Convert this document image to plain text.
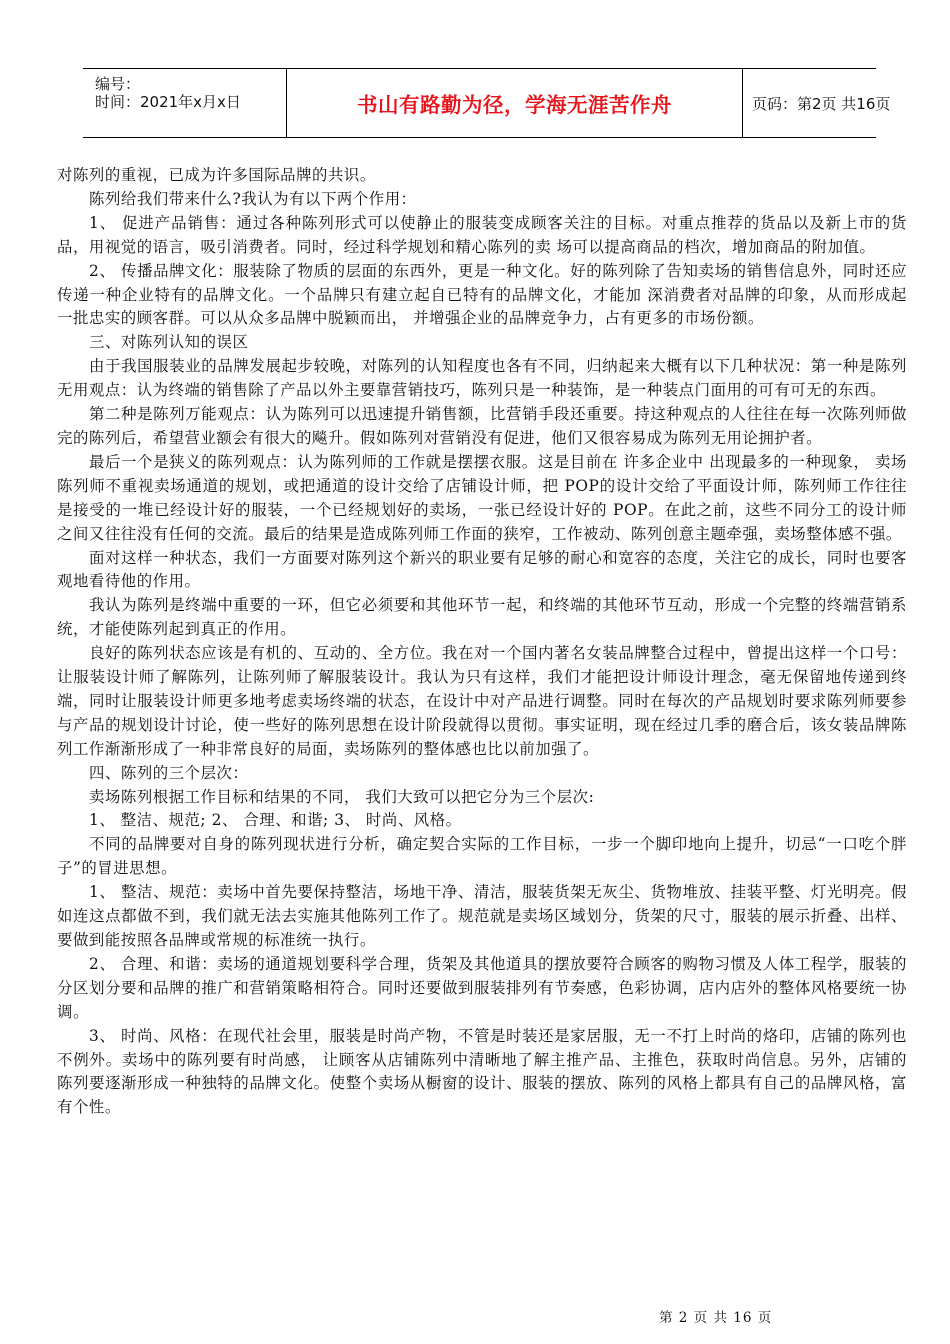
编号：
时间：2021年x月x日	书山有路勤为径，学海无涯苦作舟	页码：第2页 共16页

对陈列的重视，已成为许多国际品牌的共识。

陈列给我们带来什么?我认为有以下两个作用：

1、 促进产品销售：通过各种陈列形式可以使静止的服装变成顾客关注的目标。对重点推荐的货品以及新上市的货品，用视觉的语言，吸引消费者。同时，经过科学规划和精心陈列的卖 场可以提高商品的档次，增加商品的附加值。

2、 传播品牌文化：服装除了物质的层面的东西外，更是一种文化。好的陈列除了告知卖场的销售信息外，同时还应传递一种企业特有的品牌文化。一个品牌只有建立起自已特有的品牌文化，才能加 深消费者对品牌的印象，从而形成起一批忠实的顾客群。可以从众多品牌中脱颖而出， 并增强企业的品牌竞争力，占有更多的市场份额。

三、对陈列认知的误区

由于我国服装业的品牌发展起步较晚，对陈列的认知程度也各有不同，归纳起来大概有以下几种状况：第一种是陈列无用观点：认为终端的销售除了产品以外主要靠营销技巧，陈列只是一种装饰，是一种装点门面用的可有可无的东西。

第二种是陈列万能观点：认为陈列可以迅速提升销售额，比营销手段还重要。持这种观点的人往往在每一次陈列师做完的陈列后，希望营业额会有很大的飚升。假如陈列对营销没有促进，他们又很容易成为陈列无用论拥护者。

最后一个是狭义的陈列观点：认为陈列师的工作就是摆摆衣服。这是目前在 许多企业中 出现最多的一种现象， 卖场陈列师不重视卖场通道的规划，或把通道的设计交给了店铺设计师，把 POP的设计交给了平面设计师，陈列师工作往往是接受的一堆已经设计好的服装，一个已经规划好的卖场，一张已经设计好的 POP。在此之前，这些不同分工的设计师之间又往往没有任何的交流。最后的结果是造成陈列师工作面的狭窄，工作被动、陈列创意主题牵强，卖场整体感不强。

面对这样一种状态，我们一方面要对陈列这个新兴的职业要有足够的耐心和宽容的态度，关注它的成长，同时也要客观地看待他的作用。

我认为陈列是终端中重要的一环，但它必须要和其他环节一起，和终端的其他环节互动，形成一个完整的终端营销系统，才能使陈列起到真正的作用。

良好的陈列状态应该是有机的、互动的、全方位。我在对一个国内著名女装品牌整合过程中，曾提出这样一个口号：让服装设计师了解陈列，让陈列师了解服装设计。我认为只有这样，我们才能把设计师设计理念，毫无保留地传递到终端，同时让服装设计师更多地考虑卖场终端的状态，在设计中对产品进行调整。同时在每次的产品规划时要求陈列师要参与产品的规划设计讨论，使一些好的陈列思想在设计阶段就得以贯彻。事实证明，现在经过几季的磨合后，该女装品牌陈列工作渐渐形成了一种非常良好的局面，卖场陈列的整体感也比以前加强了。

四、陈列的三个层次：

卖场陈列根据工作目标和结果的不同， 我们大致可以把它分为三个层次:

1、 整洁、规范; 2、 合理、和谐; 3、 时尚、风格。

不同的品牌要对自身的陈列现状进行分析，确定契合实际的工作目标，一步一个脚印地向上提升，切忌“一口吃个胖子”的冒进思想。

1、 整洁、规范：卖场中首先要保持整洁，场地干净、清洁，服装货架无灰尘、货物堆放、挂装平整、灯光明亮。假如连这点都做不到，我们就无法去实施其他陈列工作了。规范就是卖场区域划分，货架的尺寸，服装的展示折叠、出样、要做到能按照各品牌或常规的标准统一执行。

2、 合理、和谐：卖场的通道规划要科学合理，货架及其他道具的摆放要符合顾客的购物习惯及人体工程学，服装的分区划分要和品牌的推广和营销策略相符合。同时还要做到服装排列有节奏感，色彩协调，店内店外的整体风格要统一协调。

3、 时尚、风格：在现代社会里，服装是时尚产物，不管是时装还是家居服，无一不打上时尚的烙印，店铺的陈列也不例外。卖场中的陈列要有时尚感， 让顾客从店铺陈列中清晰地了解主推产品、主推色，获取时尚信息。另外，店铺的陈列要逐渐形成一种独特的品牌文化。使整个卖场从橱窗的设计、服装的摆放、陈列的风格上都具有自己的品牌风格，富有个性。

第 2 页 共 16 页
